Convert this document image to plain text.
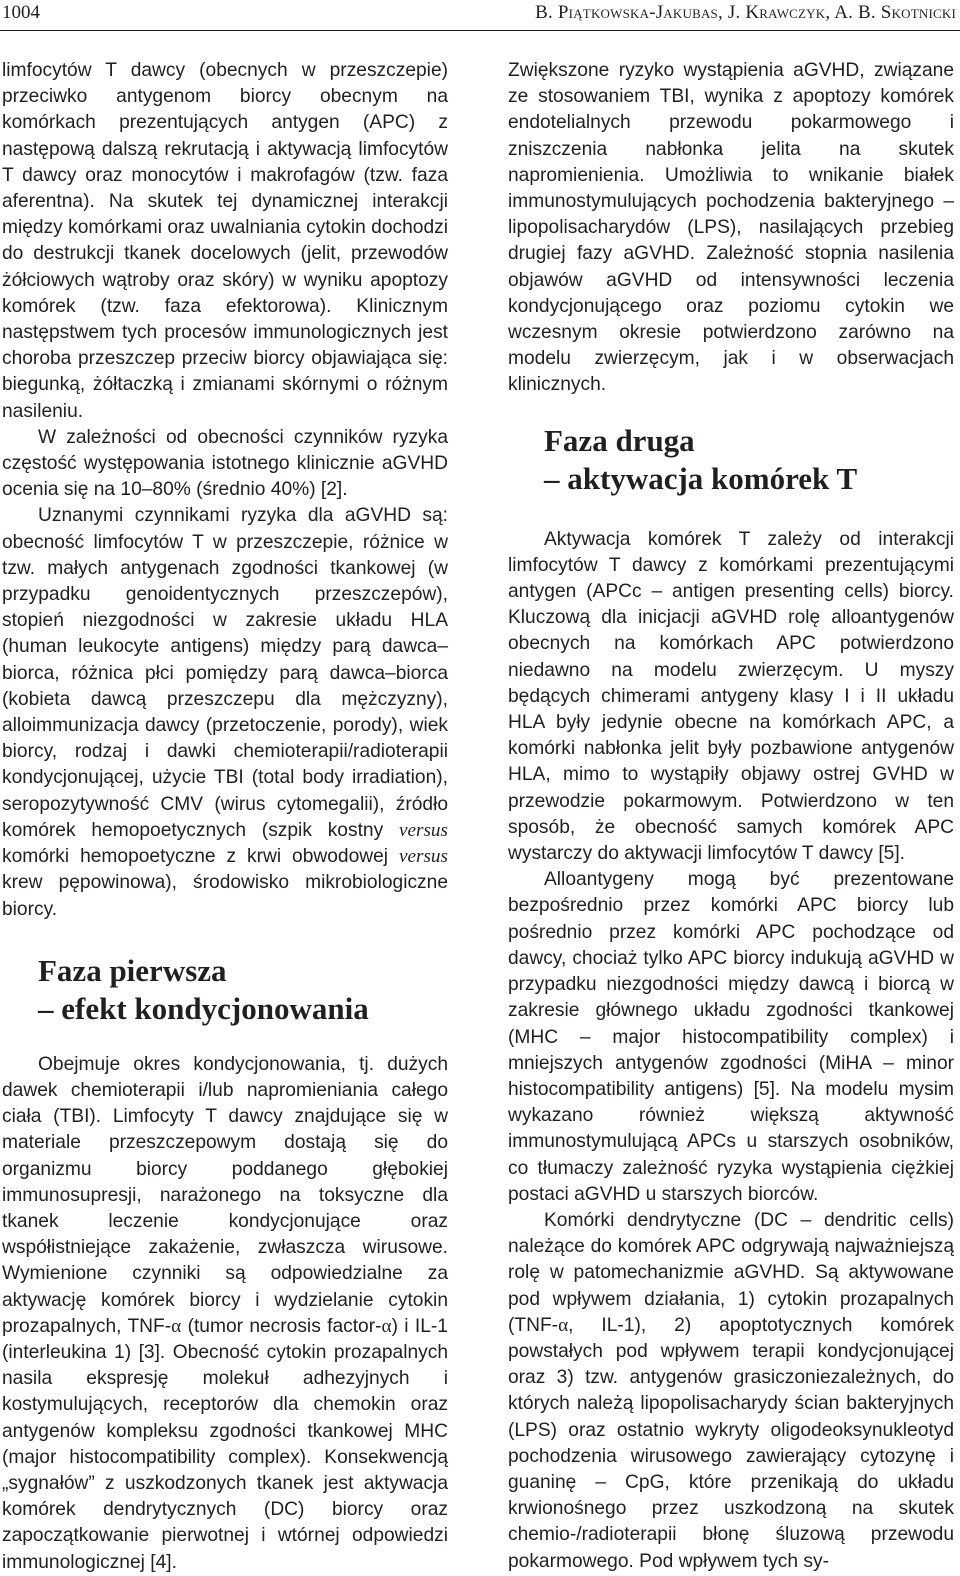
1004	B. Piątkowska-Jakubas, J. Krawczyk, A. B. Skotnicki

limfocytów T dawcy (obecnych w przeszczepie) przeciwko antygenom biorcy obecnym na komórkach prezentujących antygen (APC) z następową dalszą rekrutacją i aktywacją limfocytów T dawcy oraz monocytów i makrofagów (tzw. faza aferentna). Na skutek tej dynamicznej interakcji między komórkami oraz uwalniania cytokin dochodzi do destrukcji tkanek docelowych (jelit, przewodów żółciowych wątroby oraz skóry) w wyniku apoptozy komórek (tzw. faza efektorowa). Klinicznym następstwem tych procesów immunologicznych jest choroba przeszczep przeciw biorcy objawiająca się: biegunką, żółtaczką i zmianami skórnymi o różnym nasileniu.

W zależności od obecności czynników ryzyka częstość występowania istotnego klinicznie aGVHD ocenia się na 10–80% (średnio 40%) [2].

Uznanymi czynnikami ryzyka dla aGVHD są: obecność limfocytów T w przeszczepie, różnice w tzw. małych antygenach zgodności tkankowej (w przypadku genoidentycznych przeszczepów), stopień niezgodności w zakresie układu HLA (human leukocyte antigens) między parą dawca–biorca, różnica płci pomiędzy parą dawca–biorca (kobieta dawcą przeszczepu dla mężczyzny), alloimmunizacja dawcy (przetoczenie, porody), wiek biorcy, rodzaj i dawki chemioterapii/radioterapii kondycjonującej, użycie TBI (total body irradiation), seropozytywność CMV (wirus cytomegalii), źródło komórek hemopoetycznych (szpik kostny versus komórki hemopoetyczne z krwi obwodowej versus krew pępowinowa), środowisko mikrobiologiczne biorcy.

Faza pierwsza
– efekt kondycjonowania

Obejmuje okres kondycjonowania, tj. dużych dawek chemioterapii i/lub napromieniania całego ciała (TBI). Limfocyty T dawcy znajdujące się w materiale przeszczepowym dostają się do organizmu biorcy poddanego głębokiej immunosupresji, narażonego na toksyczne dla tkanek leczenie kondycjonujące oraz współistniejące zakażenie, zwłaszcza wirusowe. Wymienione czynniki są odpowiedzialne za aktywację komórek biorcy i wydzielanie cytokin prozapalnych, TNF-α (tumor necrosis factor-α) i IL-1 (interleukina 1) [3]. Obecność cytokin prozapalnych nasila ekspresję molekuł adhezyjnych i kostymulujących, receptorów dla chemokin oraz antygenów kompleksu zgodności tkankowej MHC (major histocompatibility complex). Konsekwencją „sygnałów” z uszkodzonych tkanek jest aktywacja komórek dendrytycznych (DC) biorcy oraz zapoczątkowanie pierwotnej i wtórnej odpowiedzi immunologicznej [4].

Zwiększone ryzyko wystąpienia aGVHD, związane ze stosowaniem TBI, wynika z apoptozy komórek endotelialnych przewodu pokarmowego i zniszczenia nabłonka jelita na skutek napromienienia. Umożliwia to wnikanie białek immunostymulujących pochodzenia bakteryjnego – lipopolisacharydów (LPS), nasilających przebieg drugiej fazy aGVHD. Zależność stopnia nasilenia objawów aGVHD od intensywności leczenia kondycjonującego oraz poziomu cytokin we wczesnym okresie potwierdzono zarówno na modelu zwierzęcym, jak i w obserwacjach klinicznych.

Faza druga
– aktywacja komórek T

Aktywacja komórek T zależy od interakcji limfocytów T dawcy z komórkami prezentującymi antygen (APCc – antigen presenting cells) biorcy. Kluczową dla inicjacji aGVHD rolę alloantygenów obecnych na komórkach APC potwierdzono niedawno na modelu zwierzęcym. U myszy będących chimerami antygeny klasy I i II układu HLA były jedynie obecne na komórkach APC, a komórki nabłonka jelit były pozbawione antygenów HLA, mimo to wystąpiły objawy ostrej GVHD w przewodzie pokarmowym. Potwierdzono w ten sposób, że obecność samych komórek APC wystarczy do aktywacji limfocytów T dawcy [5].

Alloantygeny mogą być prezentowane bezpośrednio przez komórki APC biorcy lub pośrednio przez komórki APC pochodzące od dawcy, chociaż tylko APC biorcy indukują aGVHD w przypadku niezgodności między dawcą i biorcą w zakresie głównego układu zgodności tkankowej (MHC – major histocompatibility complex) i mniejszych antygenów zgodności (MiHA – minor histocompatibility antigens) [5]. Na modelu mysim wykazano również większą aktywność immunostymulującą APCs u starszych osobników, co tłumaczy zależność ryzyka wystąpienia ciężkiej postaci aGVHD u starszych biorców.

Komórki dendrytyczne (DC – dendritic cells) należące do komórek APC odgrywają najważniejszą rolę w patomechanizmie aGVHD. Są aktywowane pod wpływem działania, 1) cytokin prozapalnych (TNF-α, IL-1), 2) apoptotycznych komórek powstałych pod wpływem terapii kondycjonującej oraz 3) tzw. antygenów grasiczoniezależnych, do których należą lipopolisacharydy ścian bakteryjnych (LPS) oraz ostatnio wykryty oligodeoksynukleotyd pochodzenia wirusowego zawierający cytozynę i guaninę – CpG, które przenikają do układu krwionośnego przez uszkodzoną na skutek chemio-/radioterapii błonę śluzową przewodu pokarmowego. Pod wpływem tych sy-
